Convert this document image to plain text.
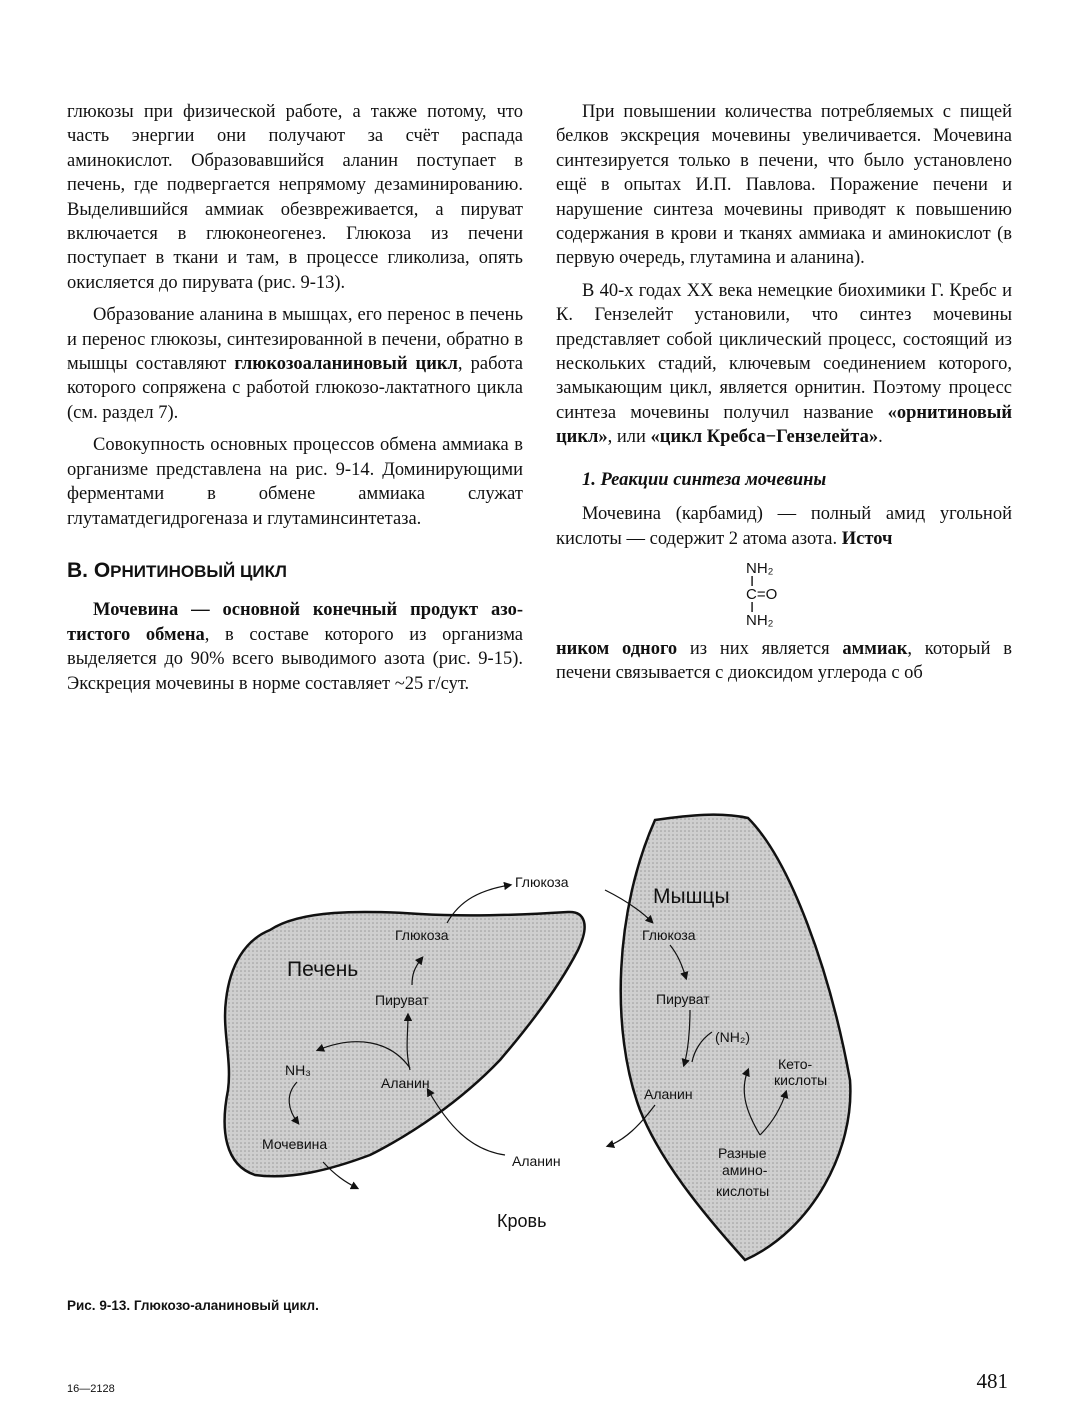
глюкозы при физической работе, а также потому, что часть энергии они получают за счёт распада аминокислот. Образовавшийся аланин поступает в печень, где подвергается непрямому дезаминированию. Выделившийся аммиак обезвреживается, а пируват включается в глюконеогенез. Глюкоза из печени поступает в ткани и там, в процессе гликолиза, опять окисляется до пирувата (рис. 9-13).

Образование аланина в мышцах, его перенос в печень и перенос глюкозы, синтезированной в печени, обратно в мышцы составляют глюкозоаланиновый цикл, работа которого сопряжена с работой глюкозо-лактатного цикла (см. раздел 7).

Совокупность основных процессов обмена аммиака в организме представлена на рис. 9-14. Доминирующими ферментами в обмене аммиака служат глутаматдегидрогеназа и глутаминсинтетаза.

В. ОРНИТИНОВЫЙ ЦИКЛ

Мочевина — основной конечный продукт азотистого обмена, в составе которого из организма выделяется до 90% всего выводимого азота (рис. 9-15). Экскреция мочевины в норме составляет ~25 г/сут.

При повышении количества потребляемых с пищей белков экскреция мочевины увеличивается. Мочевина синтезируется только в печени, что было установлено ещё в опытах И.П. Павлова. Поражение печени и нарушение синтеза мочевины приводят к повышению содержания в крови и тканях аммиака и аминокислот (в первую очередь, глутамина и аланина).

В 40-х годах XX века немецкие биохимики Г. Кребс и К. Гензелейт установили, что синтез мочевины представляет собой циклический процесс, состоящий из нескольких стадий, ключевым соединением которого, замыкающим цикл, является орнитин. Поэтому процесс синтеза мочевины получил название «орнитиновый цикл», или «цикл Кребса−Гензелейта».

1. Реакции синтеза мочевины

Мочевина (карбамид) — полный амид угольной кислоты — содержит 2 атома азота. Источ

NH₂
I
C=O
I
NH₂

ником одного из них является аммиак, который в печени связывается с диоксидом углерода с об

Глюкоза
Глюкоза
Печень
Пируват
NH₃
Аланин
Мочевина
Мышцы
Глюкоза
Пируват
(NH₂)
Кето-
кислоты
Аланин
Аланин	Разные
амино-
кислоты
Кровь
Рис. 9-13. Глюкозо-аланиновый цикл.
481
16—2128
